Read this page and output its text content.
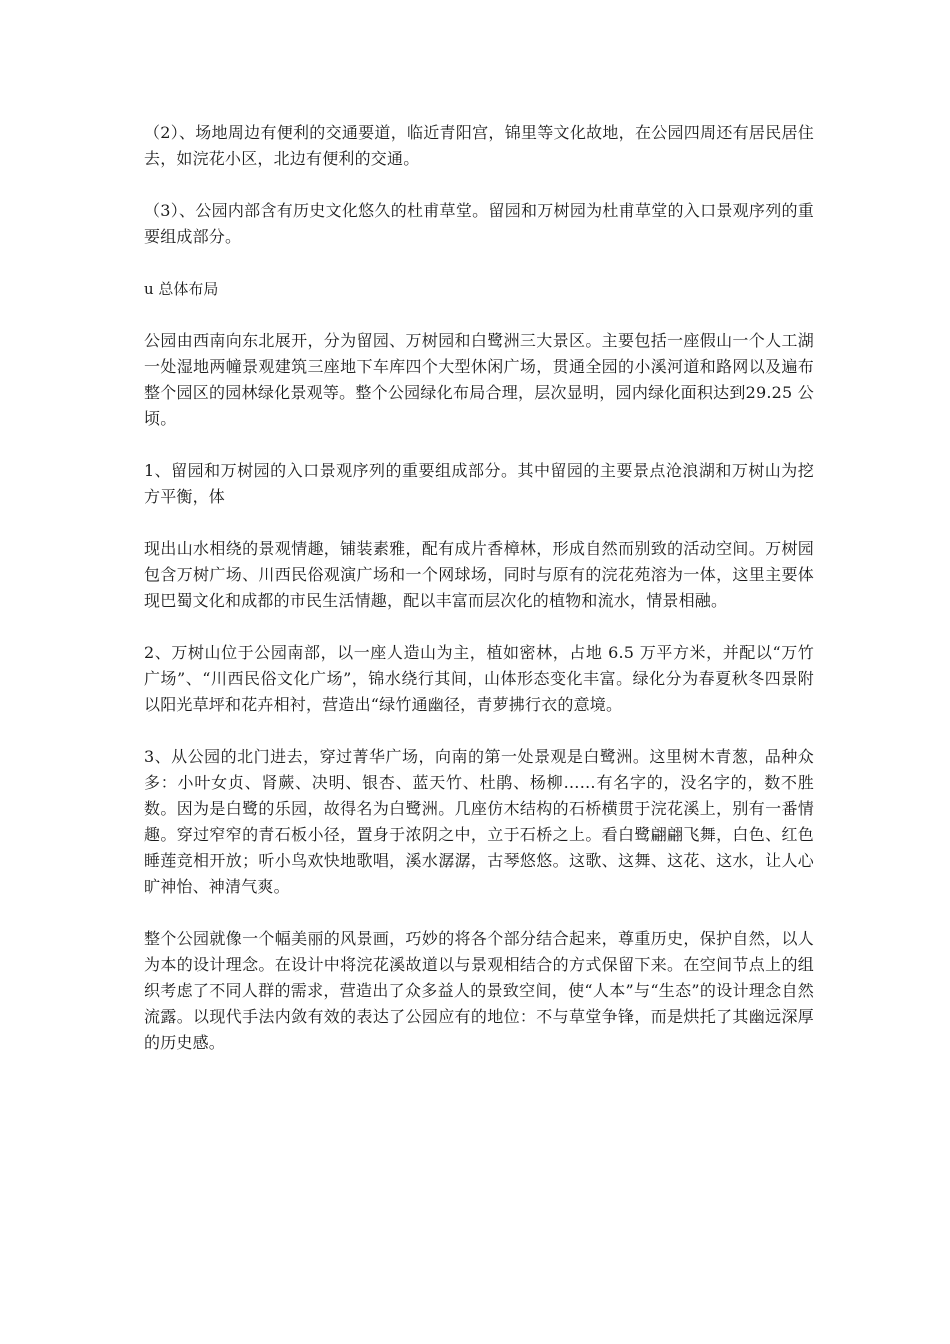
（2）、场地周边有便利的交通要道，临近青阳宫，锦里等文化故地，在公园四周还有居民居住去，如浣花小区，北边有便利的交通。

（3）、公园内部含有历史文化悠久的杜甫草堂。留园和万树园为杜甫草堂的入口景观序列的重要组成部分。

u 总体布局

公园由西南向东北展开，分为留园、万树园和白鹭洲三大景区。主要包括一座假山一个人工湖一处湿地两幢景观建筑三座地下车库四个大型休闲广场，贯通全园的小溪河道和路网以及遍布整个园区的园林绿化景观等。整个公园绿化布局合理，层次显明，园内绿化面积达到29.25 公顷。

1、留园和万树园的入口景观序列的重要组成部分。其中留园的主要景点沧浪湖和万树山为挖方平衡，体

现出山水相绕的景观情趣，铺装素雅，配有成片香樟林，形成自然而别致的活动空间。万树园包含万树广场、川西民俗观演广场和一个网球场，同时与原有的浣花苑溶为一体，这里主要体现巴蜀文化和成都的市民生活情趣，配以丰富而层次化的植物和流水，情景相融。

2、万树山位于公园南部，以一座人造山为主，植如密林，占地 6.5 万平方米，并配以“万竹广场”、“川西民俗文化广场”，锦水绕行其间，山体形态变化丰富。绿化分为春夏秋冬四景附以阳光草坪和花卉相衬，营造出“绿竹通幽径，青萝拂行衣的意境。

3、从公园的北门进去，穿过菁华广场，向南的第一处景观是白鹭洲。这里树木青葱，品种众多：小叶女贞、肾蕨、决明、银杏、蓝天竹、杜鹃、杨柳……有名字的，没名字的，数不胜数。因为是白鹭的乐园，故得名为白鹭洲。几座仿木结构的石桥横贯于浣花溪上，别有一番情趣。穿过窄窄的青石板小径，置身于浓阴之中，立于石桥之上。看白鹭翩翩飞舞，白色、红色睡莲竞相开放；听小鸟欢快地歌唱，溪水潺潺，古琴悠悠。这歌、这舞、这花、这水，让人心旷神怡、神清气爽。

整个公园就像一个幅美丽的风景画，巧妙的将各个部分结合起来，尊重历史，保护自然，以人为本的设计理念。在设计中将浣花溪故道以与景观相结合的方式保留下来。在空间节点上的组织考虑了不同人群的需求，营造出了众多益人的景致空间，使“人本”与“生态”的设计理念自然流露。以现代手法内敛有效的表达了公园应有的地位：不与草堂争锋，而是烘托了其幽远深厚的历史感。
